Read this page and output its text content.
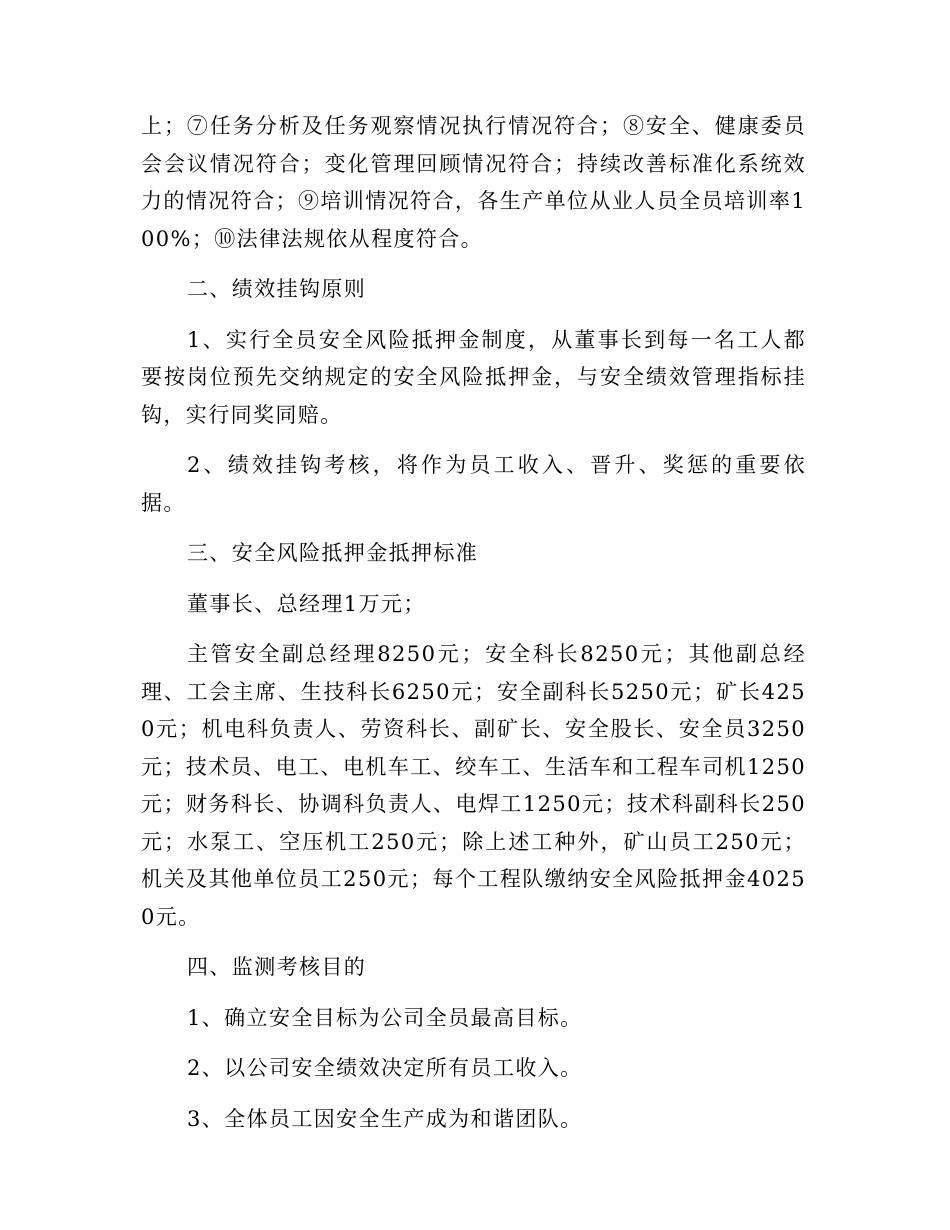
上；⑦任务分析及任务观察情况执行情况符合；⑧安全、健康委员会会议情况符合；变化管理回顾情况符合；持续改善标准化系统效力的情况符合；⑨培训情况符合，各生产单位从业人员全员培训率100%；⑩法律法规依从程度符合。

二、绩效挂钩原则

1、实行全员安全风险抵押金制度，从董事长到每一名工人都要按岗位预先交纳规定的安全风险抵押金，与安全绩效管理指标挂钩，实行同奖同赔。

2、绩效挂钩考核，将作为员工收入、晋升、奖惩的重要依据。

三、安全风险抵押金抵押标准

董事长、总经理1万元；

主管安全副总经理8250元；安全科长8250元；其他副总经理、工会主席、生技科长6250元；安全副科长5250元；矿长4250元；机电科负责人、劳资科长、副矿长、安全股长、安全员3250元；技术员、电工、电机车工、绞车工、生活车和工程车司机1250元；财务科长、协调科负责人、电焊工1250元；技术科副科长250元；水泵工、空压机工250元；除上述工种外，矿山员工250元；机关及其他单位员工250元；每个工程队缴纳安全风险抵押金40250元。

四、监测考核目的

1、确立安全目标为公司全员最高目标。

2、以公司安全绩效决定所有员工收入。

3、全体员工因安全生产成为和谐团队。
